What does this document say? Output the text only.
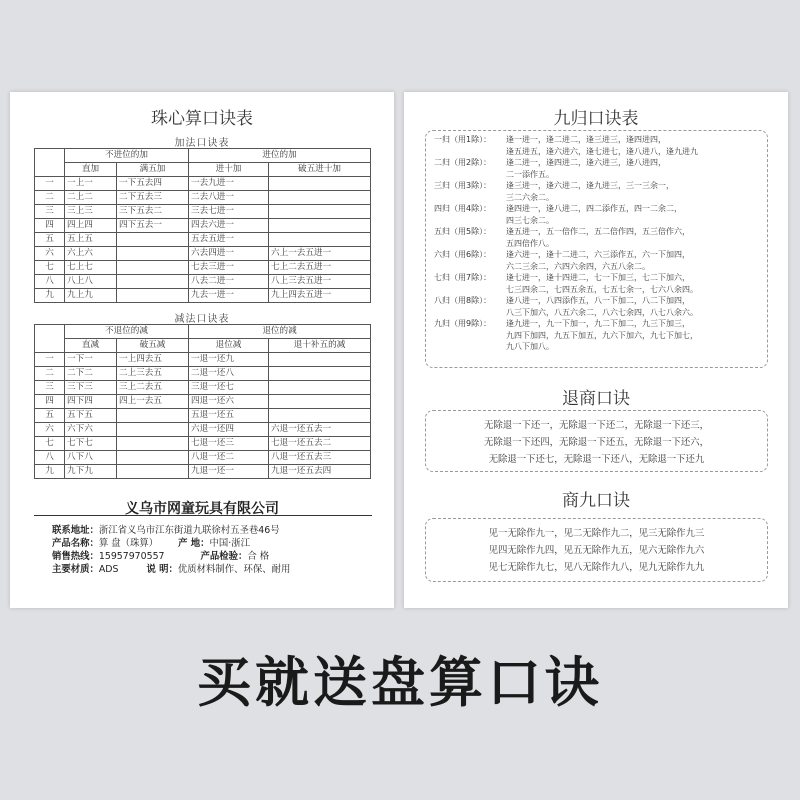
珠心算口诀表
加法口诀表
	不进位的加		进位的加	
	直加	满五加	进十加	破五进十加
一	一上一	一下五去四	一去九进一	
二	二上二	二下五去三	二去八进一	
三	三上三	三下五去二	三去七进一	
四	四上四	四下五去一	四去六进一	
五	五上五		五去五进一	
六	六上六		六去四进一	六上一去五进一
七	七上七		七去三进一	七上二去五进一
八	八上八		八去二进一	八上三去五进一
九	九上九		九去一进一	九上四去五进一
减法口诀表
	不退位的减		退位的减	
	直减	破五减	退位减	退十补五的减
一	一下一	一上四去五	一退一还九	
二	二下二	二上三去五	二退一还八	
三	三下三	三上二去五	三退一还七	
四	四下四	四上一去五	四退一还六	
五	五下五		五退一还五	
六	六下六		六退一还四	六退一还五去一
七	七下七		七退一还三	七退一还五去二
八	八下八		八退一还二	八退一还五去三
九	九下九		九退一还一	九退一还五去四
义乌市网童玩具有限公司
联系地址：浙江省义乌市江东街道九联徐村五圣巷46号
产品名称：算 盘（珠算） 产 地：中国·浙江
销售热线：15957970557	产品检验：合 格
主要材质：ADS	说 明：优质材料制作、环保、耐用
九归口诀表
一归（用1除）： 逢一进一，逢二进二，逢三进三，逢四进四，
逢五进五，逢六进六，逢七进七，逢八进八，逢九进九
二归（用2除）： 逢二进一，逢四进二，逢六进三，逢八进四，
二一添作五。
三归（用3除）： 逢三进一，逢六进二，逢九进三，三一三余一，
三二六余二。
四归（用4除）： 逢四进一，逢八进二，四二添作五，四一二余二，
四三七余二。
五归（用5除）： 逢五进一，五一倍作二，五二倍作四，五三倍作六，
五四倍作八。
六归（用6除）： 逢六进一，逢十二进二，六三添作五，六一下加四，
六二三余二，六四六余四，六五八余二。
七归（用7除）： 逢七进一，逢十四进二，七一下加三，七二下加六，
七三四余二，七四五余五，七五七余一，七六八余四。
八归（用8除）： 逢八进一，八四添作五，八一下加二，八二下加四，
八三下加六，八五六余二，八六七余四，八七八余六。
九归（用9除）： 逢九进一，九一下加一，九二下加二，九三下加三，
九四下加四，九五下加五，九六下加六，九七下加七，
九八下加八。
退商口诀
无除退一下还一，无除退一下还二，无除退一下还三，
无除退一下还四，无除退一下还五，无除退一下还六，
无除退一下还七，无除退一下还八，无除退一下还九
商九口诀
见一无除作九一，见二无除作九二，见三无除作九三
见四无除作九四，见五无除作九五，见六无除作九六
见七无除作九七，见八无除作九八，见九无除作九九
买就送盘算口诀
